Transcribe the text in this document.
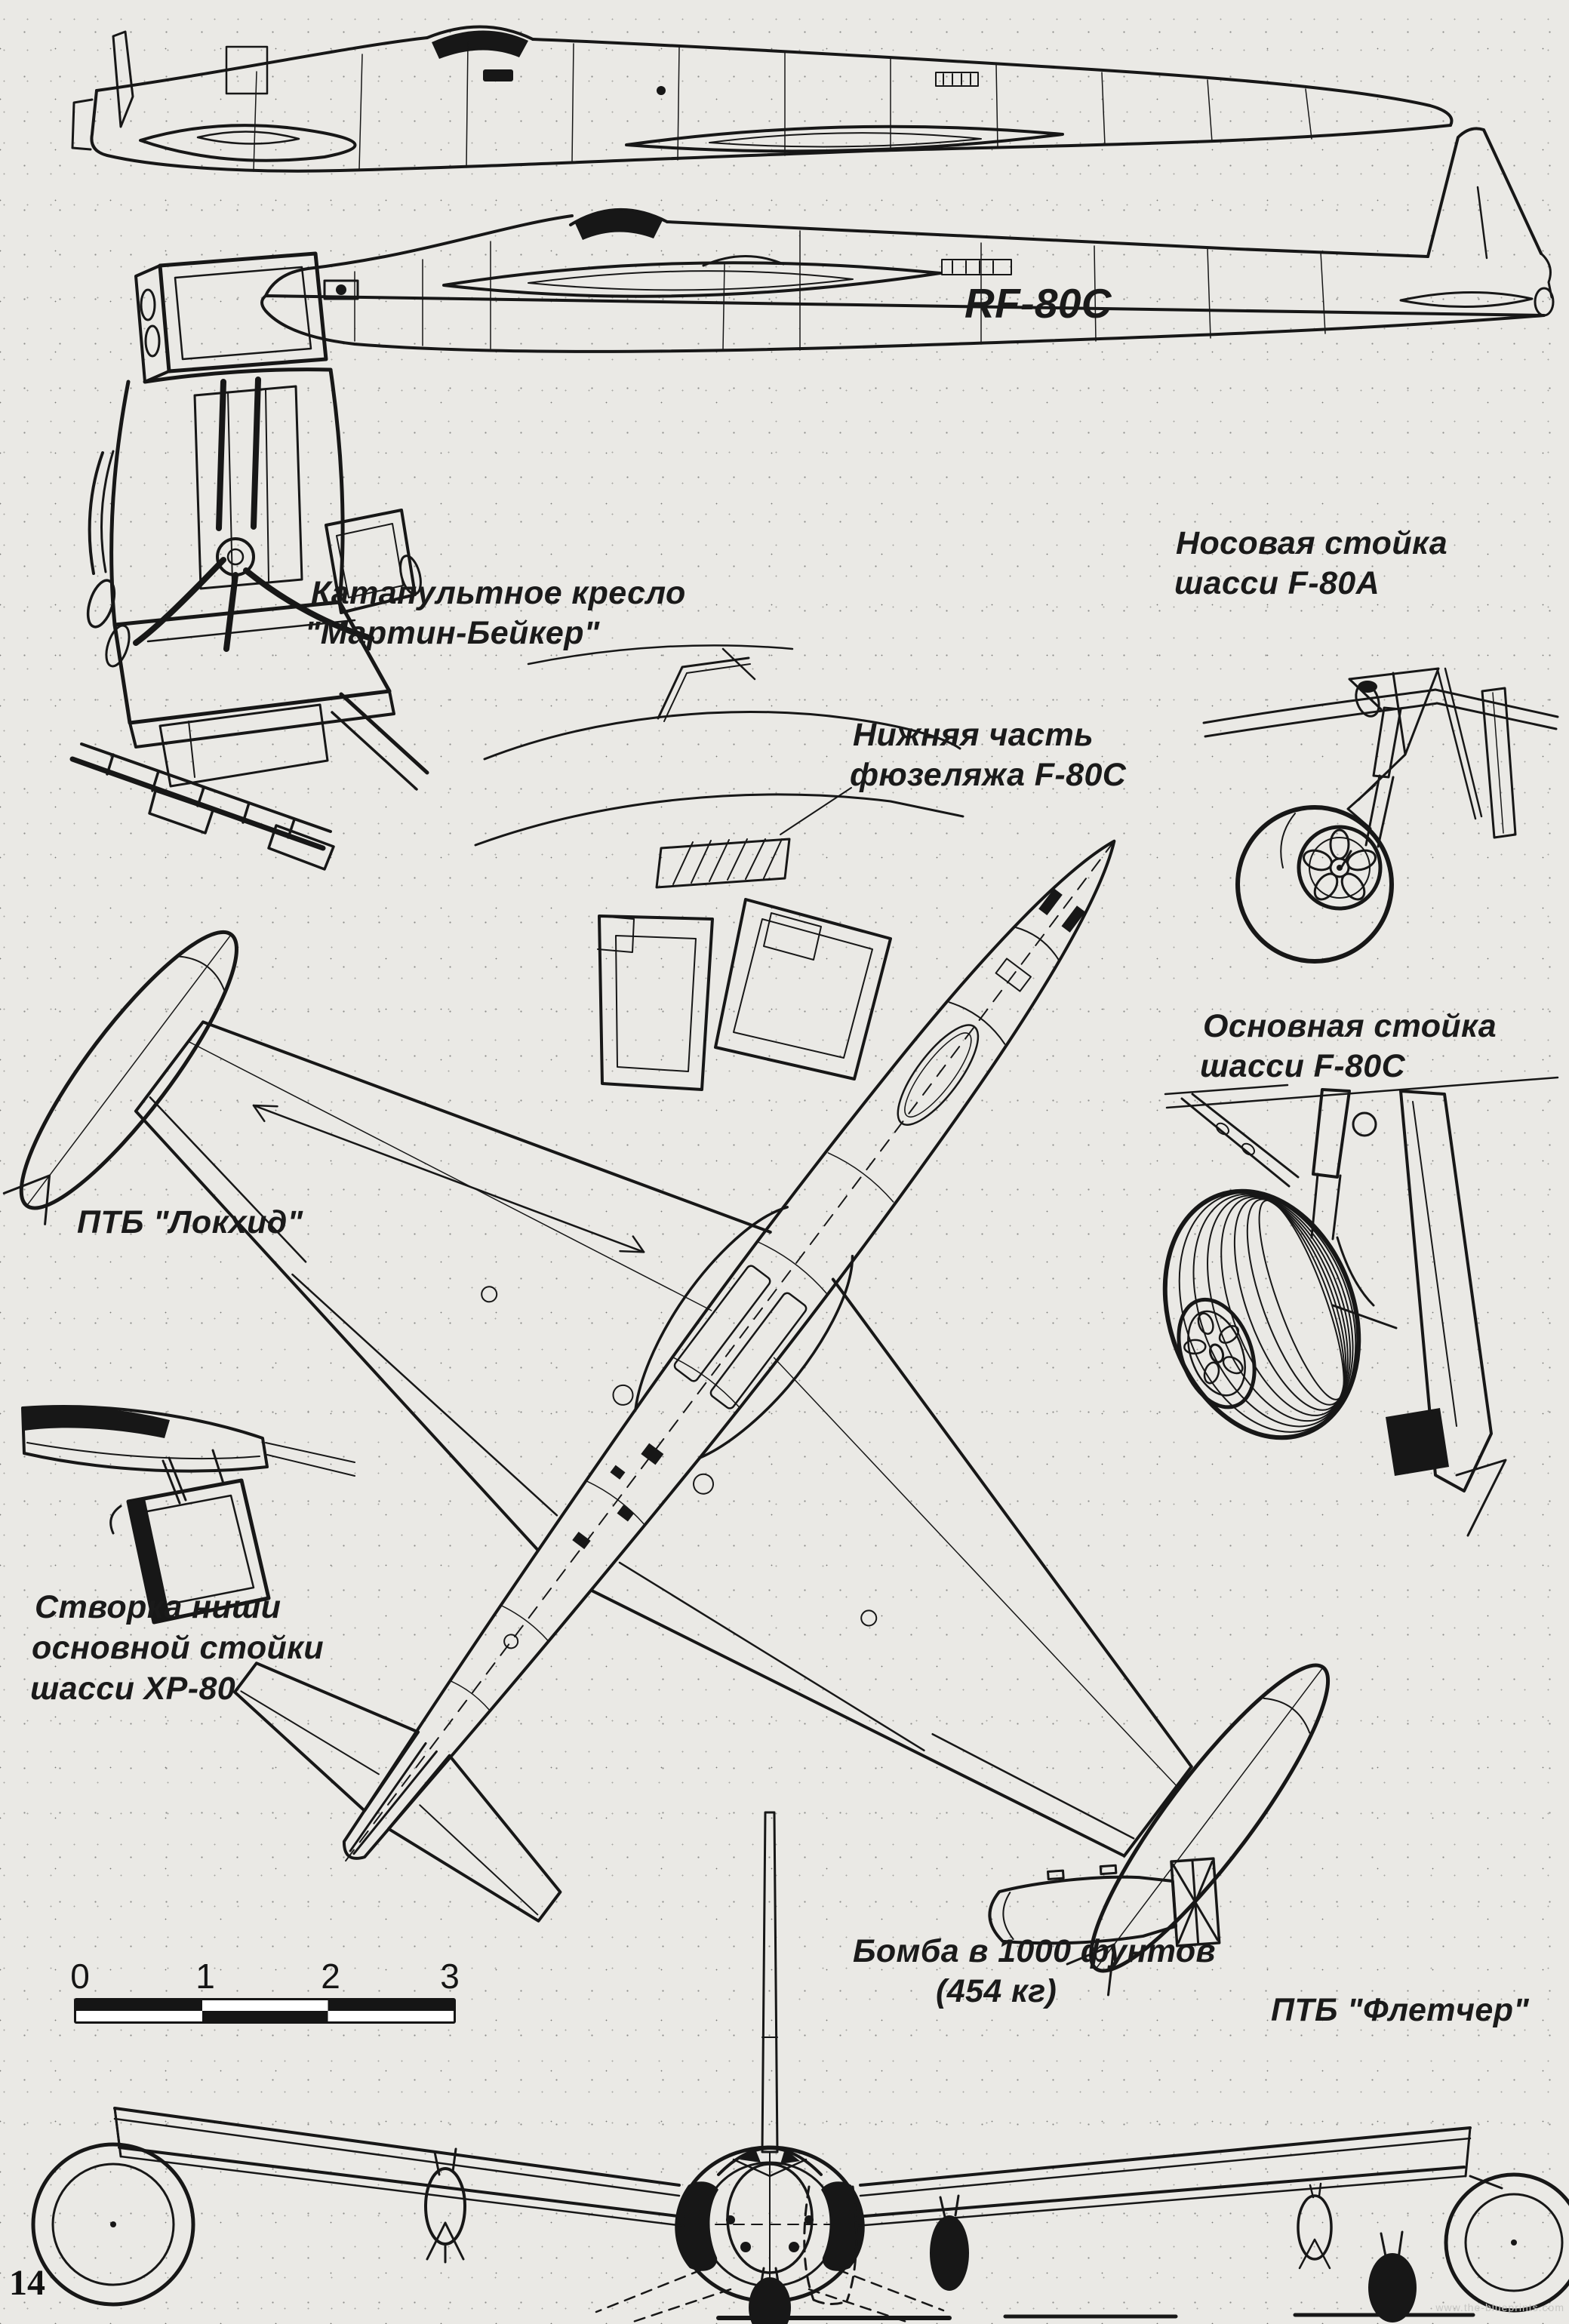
RF-80C
Катапультное кресло
"Мартин-Бейкер"
Нижняя часть
фюзеляжа F-80C
Носовая стойка
шасси F-80A
Основная стойка
шасси F-80C
ПТБ "Локхид"
Створка ниши
основной стойки
шасси XP-80
Бомба в 1000 фунтов
(454 кг)
ПТБ "Флетчер"
0	1	2	3
14
www.the-blueprints.com
